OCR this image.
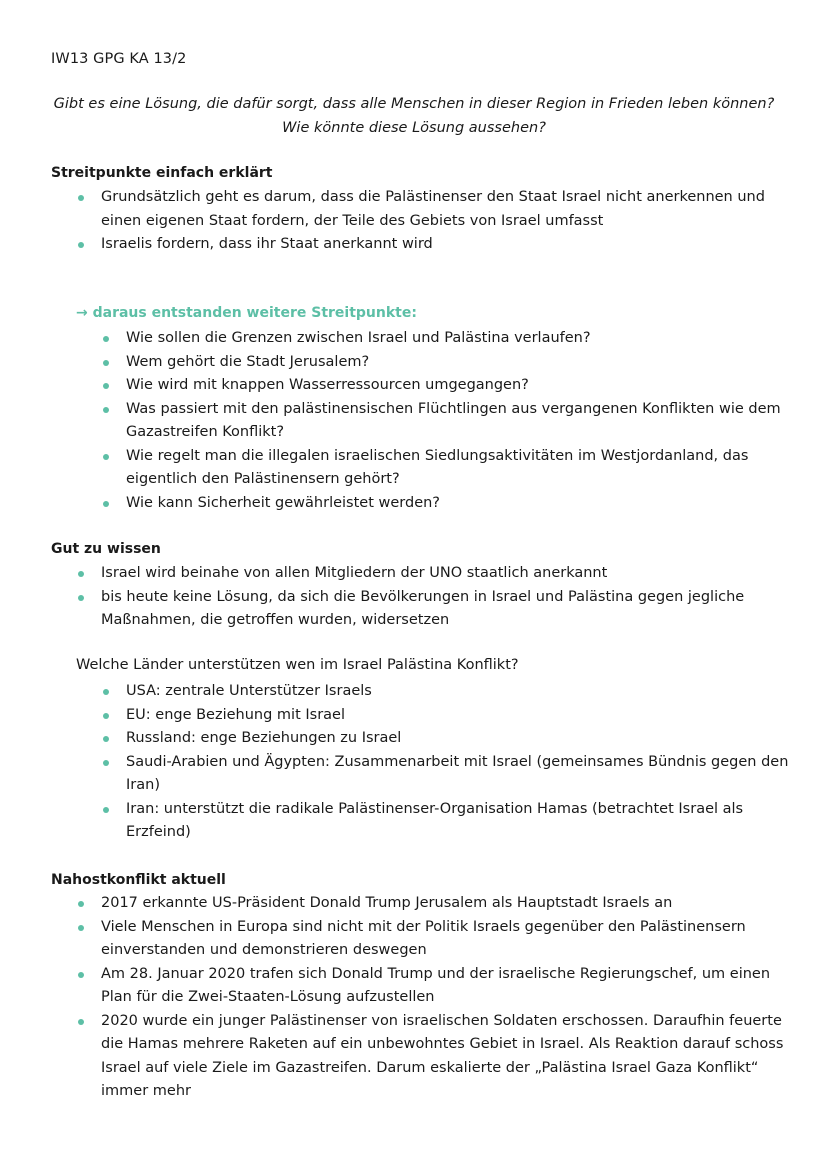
IW13 GPG KA 13/2
Gibt es eine Lösung, die dafür sorgt, dass alle Menschen in dieser Region in Frieden leben können? Wie könnte diese Lösung aussehen?
Streitpunkte einfach erklärt
Grundsätzlich geht es darum, dass die Palästinenser den Staat Israel nicht anerkennen und einen eigenen Staat fordern, der Teile des Gebiets von Israel umfasst
Israelis fordern, dass ihr Staat anerkannt wird
→ daraus entstanden weitere Streitpunkte:
Wie sollen die Grenzen zwischen Israel und Palästina verlaufen?
Wem gehört die Stadt Jerusalem?
Wie wird mit knappen Wasserressourcen umgegangen?
Was passiert mit den palästinensischen Flüchtlingen aus vergangenen Konflikten wie dem Gazastreifen Konflikt?
Wie regelt man die illegalen israelischen Siedlungsaktivitäten im Westjordanland, das eigentlich den Palästinensern gehört?
Wie kann Sicherheit gewährleistet werden?
Gut zu wissen
Israel wird beinahe von allen Mitgliedern der UNO staatlich anerkannt
bis heute keine Lösung, da sich die Bevölkerungen in Israel und Palästina gegen jegliche Maßnahmen, die getroffen wurden, widersetzen
Welche Länder unterstützen wen im Israel Palästina Konflikt?
USA: zentrale Unterstützer Israels
EU: enge Beziehung mit Israel
Russland: enge Beziehungen zu Israel
Saudi-Arabien und Ägypten: Zusammenarbeit mit Israel (gemeinsames Bündnis gegen den Iran)
Iran: unterstützt die radikale Palästinenser-Organisation Hamas (betrachtet Israel als Erzfeind)
Nahostkonflikt aktuell
2017 erkannte US-Präsident Donald Trump Jerusalem als Hauptstadt Israels an
Viele Menschen in Europa sind nicht mit der Politik Israels gegenüber den Palästinensern einverstanden und demonstrieren deswegen
Am 28. Januar 2020 trafen sich Donald Trump und der israelische Regierungschef, um einen Plan für die Zwei-Staaten-Lösung aufzustellen
2020 wurde ein junger Palästinenser von israelischen Soldaten erschossen. Daraufhin feuerte die Hamas mehrere Raketen auf ein unbewohntes Gebiet in Israel. Als Reaktion darauf schoss Israel auf viele Ziele im Gazastreifen. Darum eskalierte der „Palästina Israel Gaza Konflikt“ immer mehr
